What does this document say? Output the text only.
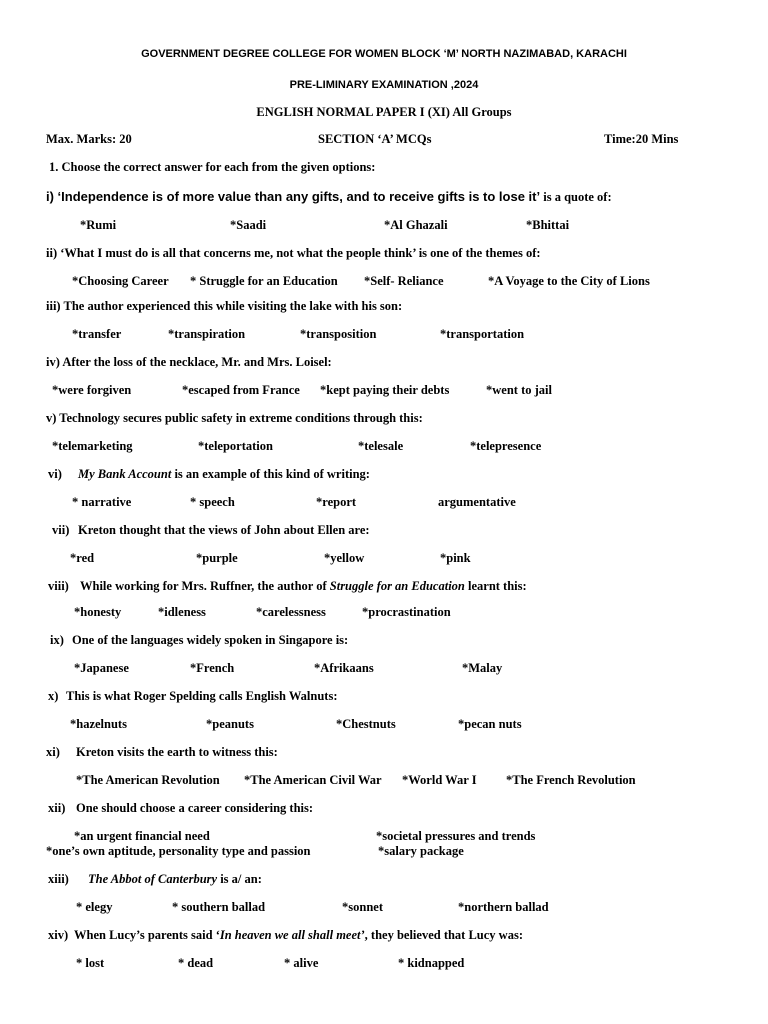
GOVERNMENT DEGREE COLLEGE FOR WOMEN BLOCK ‘M’ NORTH NAZIMABAD, KARACHI
PRE-LIMINARY EXAMINATION ,2024
ENGLISH NORMAL PAPER I (XI) All Groups
Max. Marks: 20	SECTION ‘A’ MCQs	Time:20 Mins
1. Choose the correct answer for each from the given options:
i) ‘Independence is of more value than any gifts, and to receive gifts is to lose it’ is a quote of:
*Rumi	*Saadi	*Al Ghazali	*Bhittai
ii) ‘What I must do is all that concerns me, not what the people think’ is one of the themes of:
*Choosing Career * Struggle for an Education *Self- Reliance	*A Voyage to the City of Lions
iii) The author experienced this while visiting the lake with his son:
*transfer	*transpiration	*transposition	*transportation
iv) After the loss of the necklace, Mr. and Mrs. Loisel:
*were forgiven	*escaped from France *kept paying their debts	*went to jail
v) Technology secures public safety in extreme conditions through this:
*telemarketing	*teleportation	*telesale	*telepresence
vi) My Bank Account is an example of this kind of writing:
* narrative	* speech	*report	argumentative
vii) Kreton thought that the views of John about Ellen are:
*red	*purple	*yellow	*pink
viii) While working for Mrs. Ruffner, the author of Struggle for an Education learnt this:
*honesty	*idleness	*carelessness	*procrastination
ix) One of the languages widely spoken in Singapore is:
*Japanese	*French	*Afrikaans	*Malay
x) This is what Roger Spelding calls English Walnuts:
*hazelnuts	*peanuts	*Chestnuts	*pecan nuts
xi) Kreton visits the earth to witness this:
*The American Revolution *The American Civil War *World War I *The French Revolution
xii) One should choose a career considering this:
*an urgent financial need	*societal pressures and trends
*one’s own aptitude, personality type and passion	*salary package
xiii) The Abbot of Canterbury is a/ an:
* elegy	* southern ballad	*sonnet	*northern ballad
xiv) When Lucy’s parents said ‘In heaven we all shall meet’, they believed that Lucy was:
* lost	* dead	* alive	* kidnapped
